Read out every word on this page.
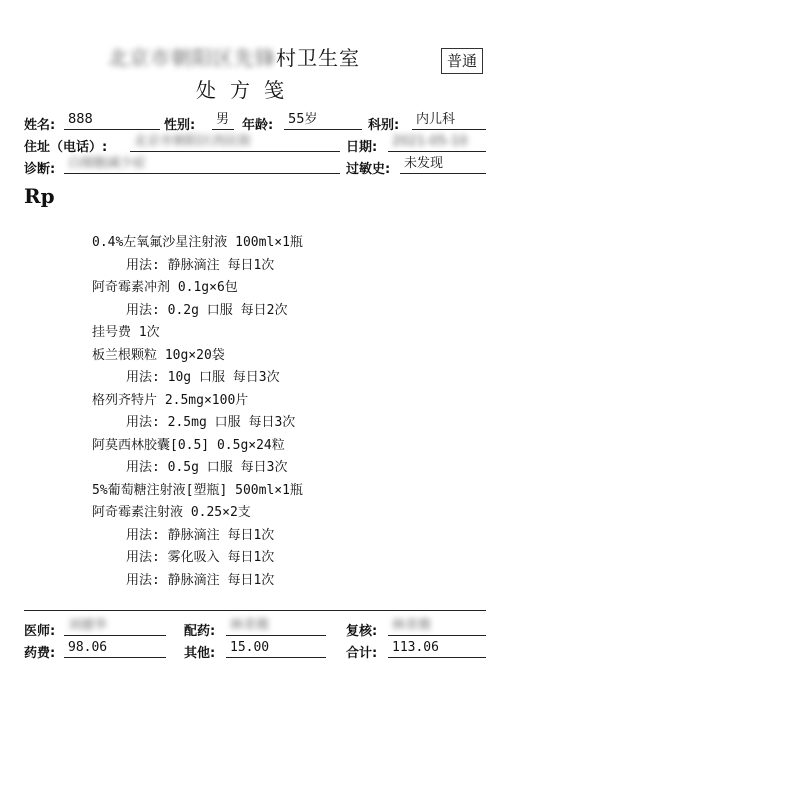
北京市朝阳区先锋村卫生室
处方笺
普通
姓名: 888	性别:	男 年龄:	55岁	科别:	内儿科
住址（电话）:	北京市朝阳区西民街	日期:	2021-05-10
诊断: 白细胞减少症	过敏史:	未发现
Rp
0.4%左氧氟沙星注射液 100ml×1瓶
用法: 静脉滴注 每日1次
阿奇霉素冲剂 0.1g×6包
用法: 0.2g 口服 每日2次
挂号费 1次
板兰根颗粒 10g×20袋
用法: 10g 口服 每日3次
格列齐特片 2.5mg×100片
用法: 2.5mg 口服 每日3次
阿莫西林胶囊[0.5] 0.5g×24粒
用法: 0.5g 口服 每日3次
5%葡萄糖注射液[塑瓶] 500ml×1瓶
阿奇霉素注射液 0.25×2支
用法: 静脉滴注 每日1次
用法: 雾化吸入 每日1次
用法: 静脉滴注 每日1次
医师: 刘德华	配药:	林青微	复核:	林青微
药费: 98.06	其他:	15.00	合计:	113.06
